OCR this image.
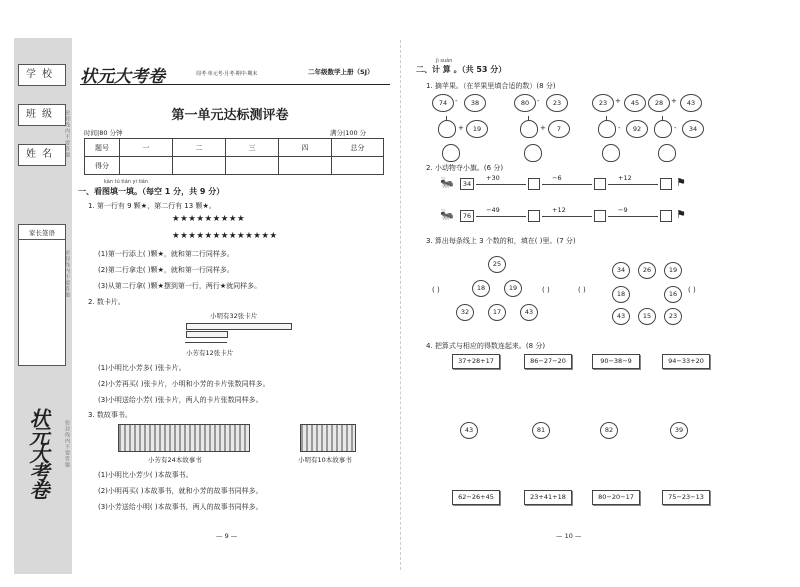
学校
班级
姓名
家长签语
密封线内不要答题
密封线内不要答题
密封线内不要答题
状元大考卷
状元大考卷	周考·单元考·月考·期中·期末	二年级数学上册（SJ）
第一单元达标测评卷
时间|80 分钟	满分|100 分
题号	一	二	三	四	总分
得分					
kàn tú tián yi tián
一、看图填一填。（每空 1 分，共 9 分）
1. 第一行有 9 颗★，第二行有 13 颗★。
★★★★★★★★★
★★★★★★★★★★★★★
(1)第一行添上( )颗★，就和第二行同样多。
(2)第二行拿走( )颗★，就和第一行同样多。
(3)从第二行拿( )颗★摆到第一行，两行★就同样多。
2. 数卡片。
小明有32张卡片
小芳有12张卡片
(1)小明比小芳多( )张卡片。
(2)小芳再买( )张卡片，小明和小芳的卡片张数同样多。
(3)小明送给小芳( )张卡片，两人的卡片张数同样多。
3. 数故事书。
小芳有24本故事书	小明有10本故事书
(1)小明比小芳少( )本故事书。
(2)小明再买( )本故事书，就和小芳的故事书同样多。
(3)小芳送给小明( )本故事书，两人的故事书同样多。
— 9 —
jì suàn
二、计 算 。（共 53 分）
1. 摘苹果。（在苹果里填合适的数）(8 分)
74	-	38
+	19
80	-	23
+	7
23	+	45
-	92
28	+	43
-	34
2. 小动物夺小旗。(6 分)
🐜	34
+30	−6	+12	⚑
🐜	76
−49	+12	−9	⚑
3. 算出每条线上 3 个数的和，填在( )里。(7 分)
25
18	19
32	17	43
( )	( )
34	26	19
18	16
43	15	23
( )	( )
4. 把算式与相应的得数连起来。(8 分)
37+28+17	86−27−20	90−38−9	94−33+20
43	81	82	39
62−26+45	23+41+18	80−20−17	75−23−13
— 10 —
